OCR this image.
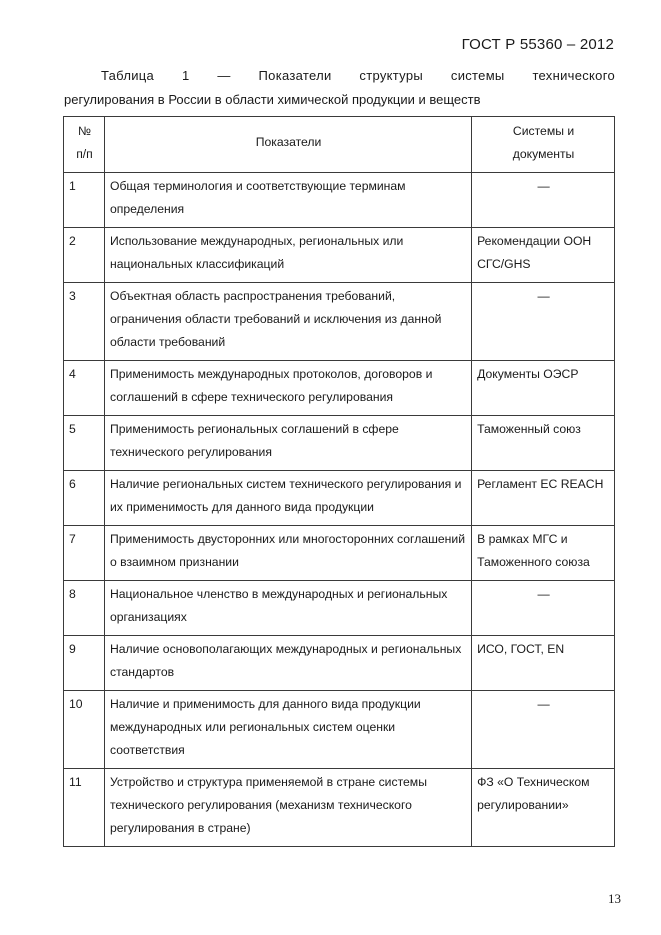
ГОСТ Р 55360 – 2012
Таблица 1 — Показатели структуры системы технического
регулирования в России в области химической продукции и веществ
№ п/п	Показатели	Системы и документы
1	Общая терминология и соответствующие терминам определения	—
2	Использование международных, региональных или национальных классификаций	Рекомендации ООН СГС/GHS
3	Объектная область распространения требований, ограничения области требований и исключения из данной области требований	—
4	Применимость международных протоколов, договоров и соглашений в сфере технического регулирования	Документы ОЭСР
5	Применимость региональных соглашений в сфере технического регулирования	Таможенный союз
6	Наличие региональных систем технического регулирования и их применимость для данного вида продукции	Регламент ЕС REACH
7	Применимость двусторонних или многосторонних соглашений о взаимном признании	В рамках МГС и Таможенного союза
8	Национальное членство в международных и региональных организациях	—
9	Наличие основополагающих международных и региональных стандартов	ИСО, ГОСТ, EN
10	Наличие и применимость для данного вида продукции международных или региональных систем оценки соответствия	—
11	Устройство и структура применяемой в стране системы технического регулирования (механизм технического регулирования в стране)	ФЗ «О Техническом регулировании»
13
